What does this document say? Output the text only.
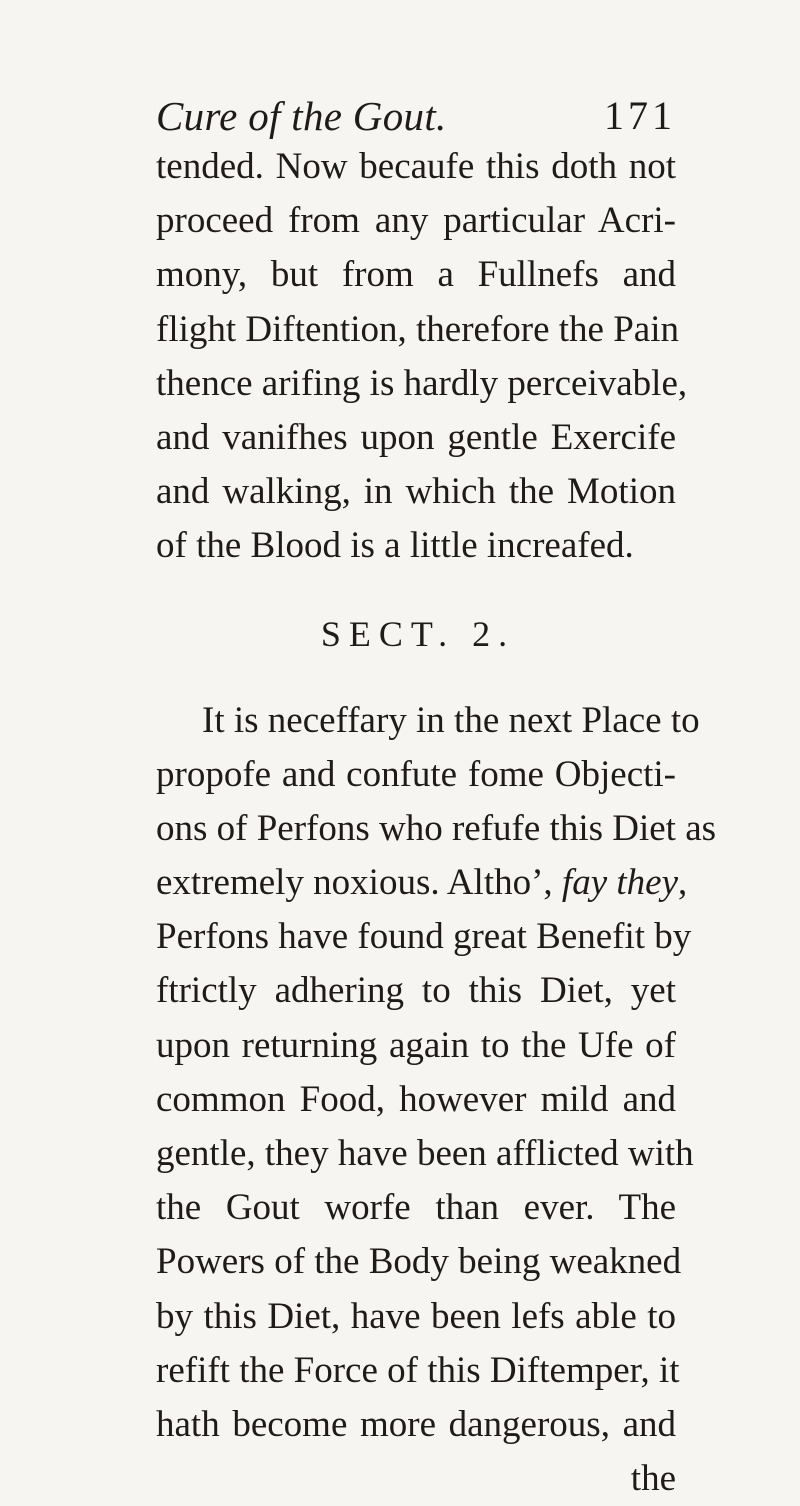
Cure of the Gout.	171
tended. Now becaufe this doth not
proceed from any particular Acri-
mony, but from a Fullnefs and
flight Diftention, therefore the Pain
thence arifing is hardly perceivable,
and vanifhes upon gentle Exercife
and walking, in which the Motion
of the Blood is a little increafed.
SECT. 2.
It is neceffary in the next Place to
propofe and confute fome Objecti-
ons of Perfons who refufe this Diet as
extremely noxious. Altho’, fay they,
Perfons have found great Benefit by
ftrictly adhering to this Diet, yet
upon returning again to the Ufe of
common Food, however mild and
gentle, they have been afflicted with
the Gout worfe than ever. The
Powers of the Body being weakned
by this Diet, have been lefs able to
refift the Force of this Diftemper, it
hath become more dangerous, and
the
